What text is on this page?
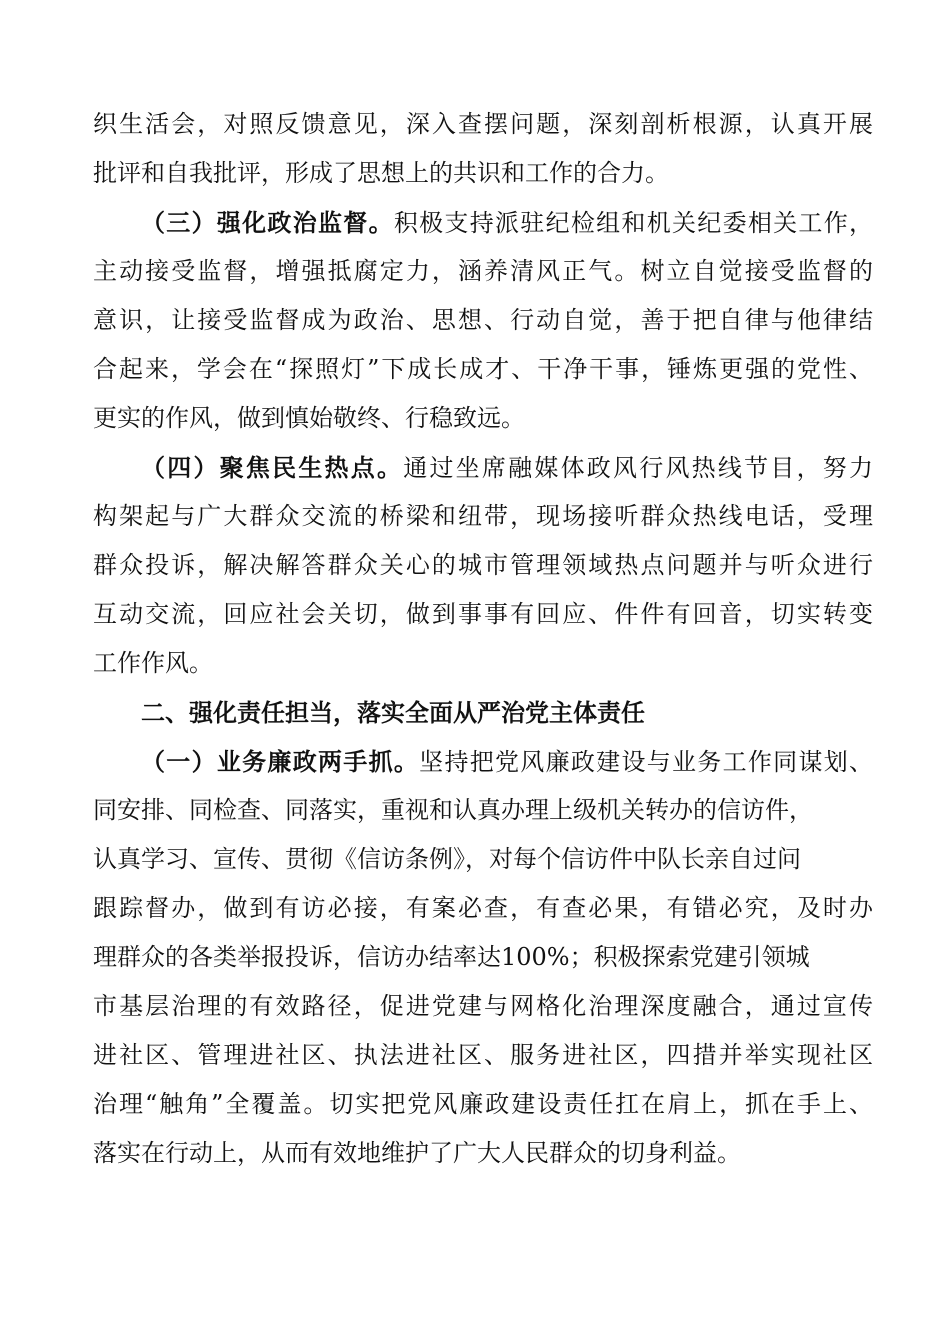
织生活会，对照反馈意见，深入查摆问题，深刻剖析根源，认真开展
批评和自我批评，形成了思想上的共识和工作的合力。
（三）强化政治监督。积极支持派驻纪检组和机关纪委相关工作，
主动接受监督，增强抵腐定力，涵养清风正气。树立自觉接受监督的
意识，让接受监督成为政治、思想、行动自觉，善于把自律与他律结
合起来，学会在“探照灯”下成长成才、干净干事，锤炼更强的党性、
更实的作风，做到慎始敬终、行稳致远。
（四）聚焦民生热点。通过坐席融媒体政风行风热线节目，努力
构架起与广大群众交流的桥梁和纽带，现场接听群众热线电话，受理
群众投诉，解决解答群众关心的城市管理领域热点问题并与听众进行
互动交流，回应社会关切，做到事事有回应、件件有回音，切实转变
工作作风。
二、强化责任担当，落实全面从严治党主体责任
（一）业务廉政两手抓。坚持把党风廉政建设与业务工作同谋划、
同安排、同检查、同落实，重视和认真办理上级机关转办的信访件，
认真学习、宣传、贯彻《信访条例》，对每个信访件中队长亲自过问
跟踪督办，做到有访必接，有案必查，有查必果，有错必究，及时办
理群众的各类举报投诉，信访办结率达100%；积极探索党建引领城
市基层治理的有效路径，促进党建与网格化治理深度融合，通过宣传
进社区、管理进社区、执法进社区、服务进社区，四措并举实现社区
治理“触角”全覆盖。切实把党风廉政建设责任扛在肩上，抓在手上、
落实在行动上，从而有效地维护了广大人民群众的切身利益。
